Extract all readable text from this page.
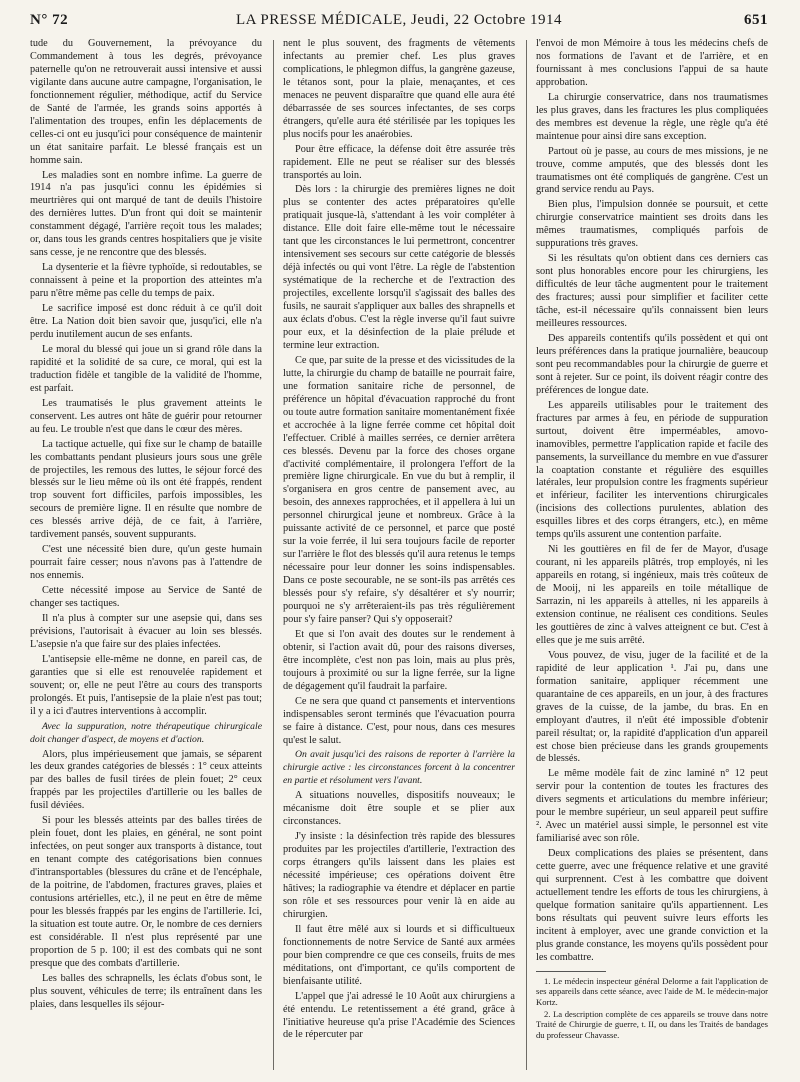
N° 72	LA PRESSE MÉDICALE, Jeudi, 22 Octobre 1914	651

tude du Gouvernement, la prévoyance du Commandement à tous les degrés, prévoyance paternelle qu'on ne retrouverait aussi intensive et aussi vigilante dans aucune autre campagne, l'organisation, le fonctionnement régulier, méthodique, actif du Service de Santé de l'armée, les grands soins apportés à l'alimentation des troupes, enfin les déplacements de celles-ci ont eu jusqu'ici pour conséquence de maintenir un état sanitaire parfait. Le blessé français est un homme sain.

Les maladies sont en nombre infime. La guerre de 1914 n'a pas jusqu'ici connu les épidémies si meurtrières qui ont marqué de tant de deuils l'histoire des dernières luttes. D'un front qui doit se maintenir constamment dégagé, l'arrière reçoit tous les malades; or, dans tous les grands centres hospitaliers que je visite sans cesse, je ne rencontre que des blessés.

La dysenterie et la fièvre typhoïde, si redoutables, se connaissent à peine et la proportion des atteintes m'a paru n'être même pas celle du temps de paix.

Le sacrifice imposé est donc réduit à ce qu'il doit être. La Nation doit bien savoir que, jusqu'ici, elle n'a perdu inutilement aucun de ses enfants.

Le moral du blessé qui joue un si grand rôle dans la rapidité et la solidité de sa cure, ce moral, qui est la traduction fidèle et tangible de la validité de l'homme, est parfait.

Les traumatisés le plus gravement atteints le conservent. Les autres ont hâte de guérir pour retourner au feu. Le trouble n'est que dans le cœur des mères.

La tactique actuelle, qui fixe sur le champ de bataille les combattants pendant plusieurs jours sous une grêle de projectiles, les remous des luttes, le séjour forcé des blessés sur le lieu même où ils ont été frappés, rendent trop souvent fort difficiles, parfois impossibles, les secours de première ligne. Il en résulte que nombre de ces blessés arrive déjà, de ce fait, à l'arrière, tardivement pansés, souvent suppurants.

C'est une nécessité bien dure, qu'un geste humain pourrait faire cesser; nous n'avons pas à l'attendre de nos ennemis.

Cette nécessité impose au Service de Santé de changer ses tactiques.

Il n'a plus à compter sur une asepsie qui, dans ses prévisions, l'autorisait à évacuer au loin ses blessés. L'asepsie n'a que faire sur des plaies infectées.

L'antisepsie elle-même ne donne, en pareil cas, de garanties que si elle est renouvelée rapidement et souvent; or, elle ne peut l'être au cours des transports prolongés. Et puis, l'antisepsie de la plaie n'est pas tout; il y a ici d'autres interventions à accomplir.

Avec la suppuration, notre thérapeutique chirurgicale doit changer d'aspect, de moyens et d'action.

Alors, plus impérieusement que jamais, se séparent les deux grandes catégories de blessés : 1° ceux atteints par des balles de fusil tirées de plein fouet; 2° ceux frappés par les projectiles d'artillerie ou les balles de fusil déviées.

Si pour les blessés atteints par des balles tirées de plein fouet, dont les plaies, en général, ne sont point infectées, on peut songer aux transports à distance, tout en tenant compte des catégorisations bien connues d'intransportables (blessures du crâne et de l'encéphale, de la poitrine, de l'abdomen, fractures graves, plaies et contusions artérielles, etc.), il ne peut en être de même pour les blessés frappés par les engins de l'artillerie. Ici, la situation est toute autre. Or, le nombre de ces derniers est considérable. Il n'est plus représenté par une proportion de 5 p. 100; il est des combats qui ne sont presque que des combats d'artillerie.

Les balles des schrapnells, les éclats d'obus sont, le plus souvent, véhicules de terre; ils entraînent dans les plaies, dans lesquelles ils séjour-

nent le plus souvent, des fragments de vêtements infectants au premier chef. Les plus graves complications, le phlegmon diffus, la gangrène gazeuse, le tétanos sont, pour la plaie, menaçantes, et ces menaces ne peuvent disparaître que quand elle aura été débarrassée de ses sources infectantes, de ses corps étrangers, qu'elle aura été stérilisée par les topiques les plus nocifs pour les anaérobies.

Pour être efficace, la défense doit être assurée très rapidement. Elle ne peut se réaliser sur des blessés transportés au loin.

Dès lors : la chirurgie des premières lignes ne doit plus se contenter des actes préparatoires qu'elle pratiquait jusque-là, s'attendant à les voir compléter à distance. Elle doit faire elle-même tout le nécessaire tant que les circonstances le lui permettront, concentrer intensivement ses secours sur cette catégorie de blessés déjà infectés ou qui vont l'être. La règle de l'abstention systématique de la recherche et de l'extraction des projectiles, excellente lorsqu'il s'agissait des balles des fusils, ne saurait s'appliquer aux balles des shrapnells et aux éclats d'obus. C'est la règle inverse qu'il faut suivre pour eux, et la désinfection de la plaie prélude et termine leur extraction.

Ce que, par suite de la presse et des vicissitudes de la lutte, la chirurgie du champ de bataille ne pourrait faire, une formation sanitaire riche de personnel, de préférence un hôpital d'évacuation rapproché du front ou toute autre formation sanitaire momentanément fixée et accrochée à la ligne ferrée comme cet hôpital doit l'effectuer. Criblé à mailles serrées, ce dernier arrêtera ces blessés. Devenu par la force des choses organe d'activité complémentaire, il prolongera l'effort de la première ligne chirurgicale. En vue du but à remplir, il s'organisera en gros centre de pansement avec, au besoin, des annexes rapprochées, et il appellera à lui un personnel chirurgical jeune et nombreux. Grâce à la puissante activité de ce personnel, et parce que posté sur la voie ferrée, il lui sera toujours facile de reporter sur l'arrière le flot des blessés qu'il aura retenus le temps nécessaire pour leur donner les soins indispensables. Dans ce poste secourable, ne se sont-ils pas arrêtés ces blessés pour s'y refaire, s'y désaltérer et s'y nourrir; pourquoi ne s'y arrêteraient-ils pas très régulièrement pour s'y faire panser? Qui s'y opposerait?

Et que si l'on avait des doutes sur le rendement à obtenir, si l'action avait dû, pour des raisons diverses, être incomplète, c'est non pas loin, mais au plus près, toujours à proximité ou sur la ligne ferrée, sur la ligne de dégagement qu'il faudrait la parfaire.

Ce ne sera que quand ct pansements et interventions indispensables seront terminés que l'évacuation pourra se faire à distance. C'est, pour nous, dans ces mesures qu'est le salut.

On avait jusqu'ici des raisons de reporter à l'arrière la chirurgie active : les circonstances forcent à la concentrer en partie et résolument vers l'avant.

A situations nouvelles, dispositifs nouveaux; le mécanisme doit être souple et se plier aux circonstances.

J'y insiste : la désinfection très rapide des blessures produites par les projectiles d'artillerie, l'extraction des corps étrangers qu'ils laissent dans les plaies est nécessité impérieuse; ces opérations doivent être hâtives; la radiographie va étendre et déplacer en partie son rôle et ses ressources pour venir là en aide au chirurgien.

Il faut être mêlé aux si lourds et si difficultueux fonctionnements de notre Service de Santé aux armées pour bien comprendre ce que ces conseils, fruits de mes méditations, ont d'important, ce qu'ils comportent de bienfaisante utilité.

L'appel que j'ai adressé le 10 Août aux chirurgiens a été entendu. Le retentissement a été grand, grâce à l'initiative heureuse qu'a prise l'Académie des Sciences de le répercuter par

l'envoi de mon Mémoire à tous les médecins chefs de nos formations de l'avant et de l'arrière, et en fournissant à mes conclusions l'appui de sa haute approbation.

La chirurgie conservatrice, dans nos traumatismes les plus graves, dans les fractures les plus compliquées des membres est devenue la règle, une règle qu'a été maintenue pour ainsi dire sans exception.

Partout où je passe, au cours de mes missions, je ne trouve, comme amputés, que des blessés dont les traumatismes ont été compliqués de gangrène. C'est un grand service rendu au Pays.

Bien plus, l'impulsion donnée se poursuit, et cette chirurgie conservatrice maintient ses droits dans les mêmes traumatismes, compliqués parfois de suppurations très graves.

Si les résultats qu'on obtient dans ces derniers cas sont plus honorables encore pour les chirurgiens, les difficultés de leur tâche augmentent pour le traitement des fractures; aussi pour simplifier et faciliter cette tâche, est-il nécessaire qu'ils connaissent bien leurs meilleures ressources.

Des appareils contentifs qu'ils possèdent et qui ont leurs préférences dans la pratique journalière, beaucoup sont peu recommandables pour la chirurgie de guerre et sont à rejeter. Sur ce point, ils doivent réagir contre des préférences de longue date.

Les appareils utilisables pour le traitement des fractures par armes à feu, en période de suppuration surtout, doivent être imperméables, amovo-inamovibles, permettre l'application rapide et facile des pansements, la surveillance du membre en vue d'assurer la coaptation constante et régulière des esquilles latérales, leur propulsion contre les fragments supérieur et inférieur, faciliter les interventions chirurgicales (incisions des collections purulentes, ablation des esquilles libres et des corps étrangers, etc.), en même temps qu'ils assurent une contention parfaite.

Ni les gouttières en fil de fer de Mayor, d'usage courant, ni les appareils plâtrés, trop employés, ni les appareils en rotang, si ingénieux, mais très coûteux de de Mooij, ni les appareils en toile métallique de Sarrazin, ni les appareils à attelles, ni les appareils à extension continue, ne réalisent ces conditions. Seules les gouttières de zinc à valves atteignent ce but. C'est à elles que je me suis arrêté.

Vous pouvez, de visu, juger de la facilité et de la rapidité de leur application ¹. J'ai pu, dans une formation sanitaire, appliquer récemment une quarantaine de ces appareils, en un jour, à des fractures graves de la cuisse, de la jambe, du bras. En en employant d'autres, il n'eût été impossible d'obtenir pareil résultat; or, la rapidité d'application d'un appareil est chose bien précieuse dans les grands groupements de blessés.

Le même modèle fait de zinc laminé n° 12 peut servir pour la contention de toutes les fractures des divers segments et articulations du membre inférieur; pour le membre supérieur, un seul appareil peut suffire ². Avec un matériel aussi simple, le personnel est vite familiarisé avec son rôle.

Deux complications des plaies se présentent, dans cette guerre, avec une fréquence relative et une gravité qui surprennent. C'est à les combattre que doivent actuellement tendre les efforts de tous les chirurgiens, à quelque formation sanitaire qu'ils appartiennent. Les bons résultats qui peuvent suivre leurs efforts les incitent à employer, avec une grande conviction et la plus grande constance, les moyens qu'ils possèdent pour les combattre.

1. Le médecin inspecteur général Delorme a fait l'application de ses appareils dans cette séance, avec l'aide de M. le médecin-major Kortz.

2. La description complète de ces appareils se trouve dans notre Traité de Chirurgie de guerre, t. II, ou dans les Traités de bandages du professeur Chavasse.
